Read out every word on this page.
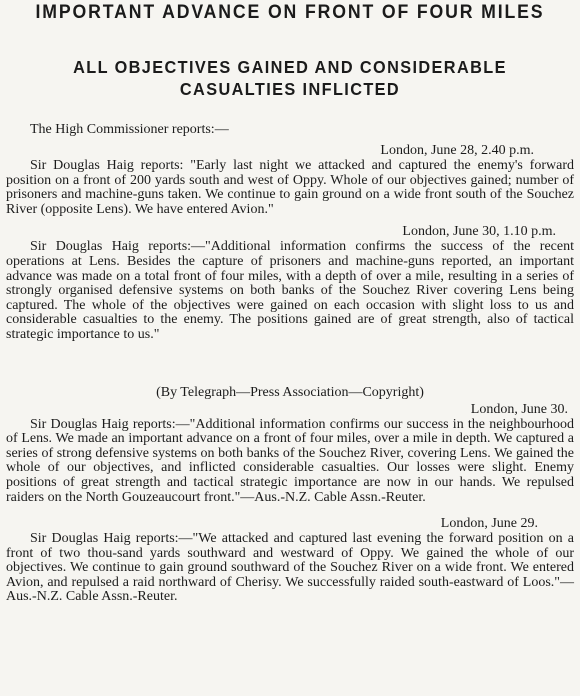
IMPORTANT ADVANCE ON FRONT OF FOUR MILES
ALL OBJECTIVES GAINED AND CONSIDERABLE
CASUALTIES INFLICTED
The High Commissioner reports:—
London, June 28, 2.40 p.m.

Sir Douglas Haig reports: "Early last night we attacked and captured the enemy's forward position on a front of 200 yards south and west of Oppy. Whole of our objectives gained; number of prisoners and machine-guns taken. We continue to gain ground on a wide front south of the Souchez River (opposite Lens). We have entered Avion."

London, June 30, 1.10 p.m.

Sir Douglas Haig reports:—"Additional information confirms the success of the recent operations at Lens. Besides the capture of prisoners and machine-guns reported, an important advance was made on a total front of four miles, with a depth of over a mile, resulting in a series of strongly organised defensive systems on both banks of the Souchez River covering Lens being captured. The whole of the objectives were gained on each occasion with slight loss to us and considerable casualties to the enemy. The positions gained are of great strength, also of tactical strategic importance to us."

(By Telegraph—Press Association—Copyright)
London, June 30.

Sir Douglas Haig reports:—"Additional information confirms our success in the neighbourhood of Lens. We made an important advance on a front of four miles, over a mile in depth. We captured a series of strong defensive systems on both banks of the Souchez River, covering Lens. We gained the whole of our objectives, and inflicted considerable casualties. Our losses were slight. Enemy positions of great strength and tactical strategic importance are now in our hands. We repulsed raiders on the North Gouzeaucourt front."—Aus.-N.Z. Cable Assn.-Reuter.

London, June 29.

Sir Douglas Haig reports:—"We attacked and captured last evening the forward position on a front of two thou-sand yards southward and westward of Oppy. We gained the whole of our objectives. We continue to gain ground southward of the Souchez River on a wide front. We entered Avion, and repulsed a raid northward of Cherisy. We successfully raided south-eastward of Loos."—Aus.-N.Z. Cable Assn.-Reuter.
